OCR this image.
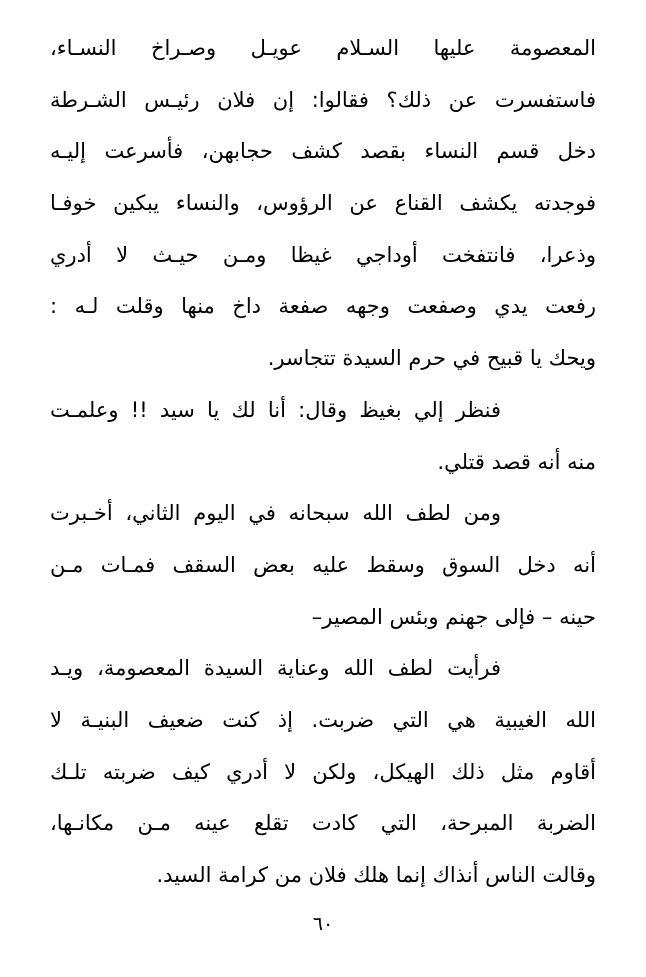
المعصومة عليها السـلام عويـل وصـراخ النسـاء،
فاستفسرت عن ذلك؟ فقالوا: إن فلان رئيـس الشـرطة
دخل قسم النساء بقصد كشف حجابهن، فأسرعت إليـه
فوجدته يكشف القناع عن الرؤوس، والنساء يبكين خوفـا
وذعرا، فانتفخت أوداجي غيظا ومـن حيـث لا أدري
رفعت يدي وصفعت وجهه صفعة داخ منها وقلت لـه :
ويحك يا قبيح في حرم السيدة تتجاسر.
فنظر إلي بغيظ وقال: أنا لك يا سيد !! وعلمـت
منه أنه قصد قتلي.
ومن لطف الله سبحانه في اليوم الثاني، أخـبرت
أنه دخل السوق وسقط عليه بعض السقف فمـات مـن
حينه – فإلى جهنم وبئس المصير–
فرأيت لطف الله وعناية السيدة المعصومة، ويـد
الله الغيبية هي التي ضربت. إذ كنت ضعيف البنيـة لا
أقاوم مثل ذلك الهيكل، ولكن لا أدري كيف ضربته تلـك
الضربة المبرحة، التي كادت تقلع عينه مـن مكانـها،
وقالت الناس أنذاك إنما هلك فلان من كرامة السيد.
٦٠
